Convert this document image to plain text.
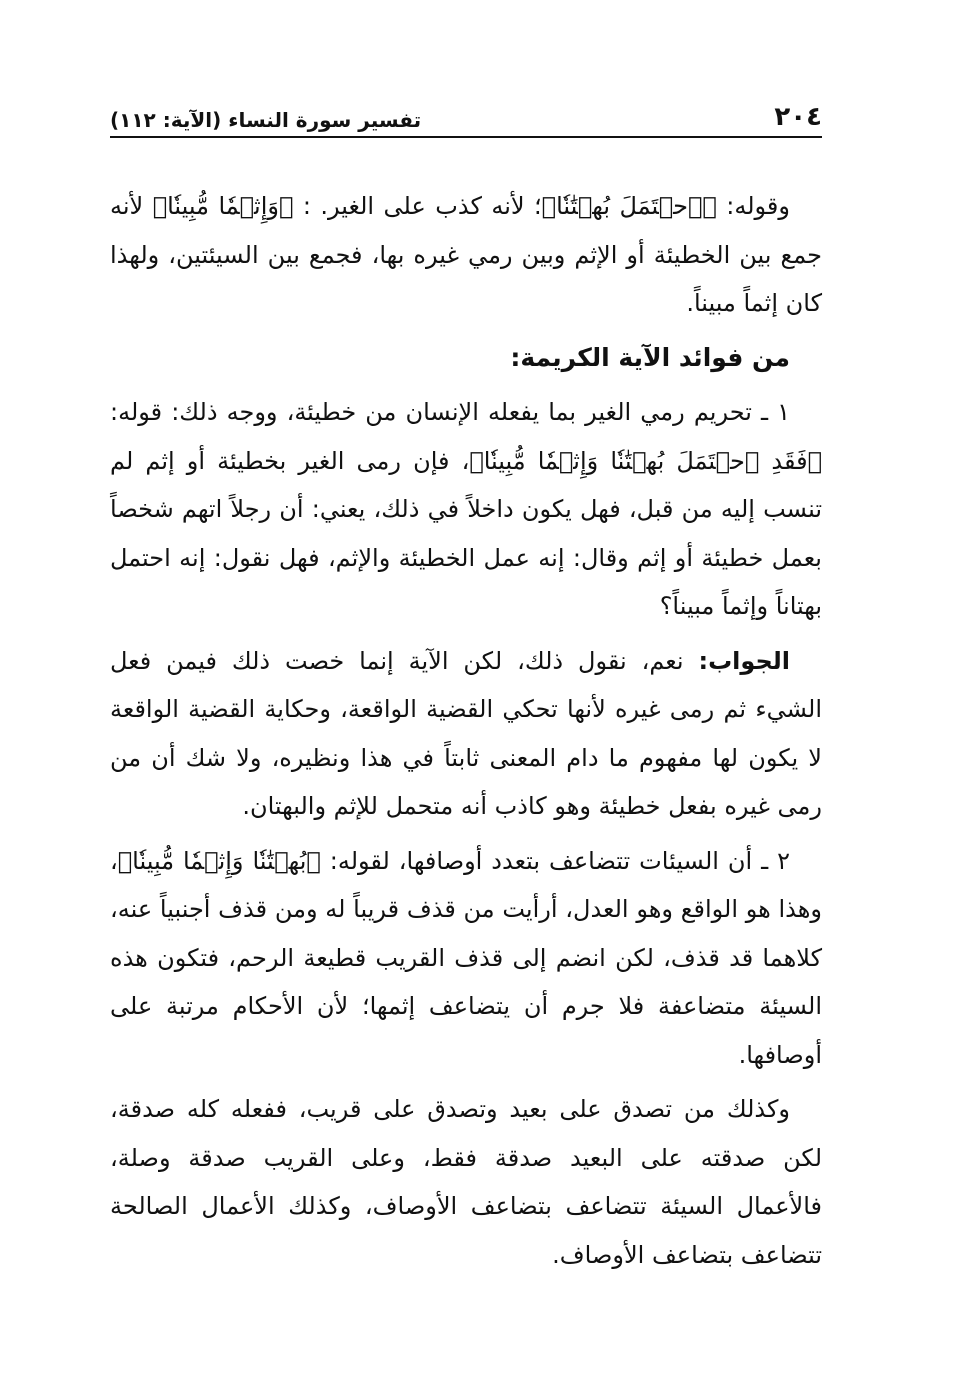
٢٠٤
تفسير سورة النساء (الآية: ١١٢)

وقوله: ﴿ٱحۡتَمَلَ بُهۡتَٰنٗا﴾؛ لأنه كذب على الغير. : ﴿وَإِثۡمٗا مُّبِينٗا﴾ لأنه جمع بين الخطيئة أو الإثم وبين رمي غيره بها، فجمع بين السيئتين، ولهذا كان إثماً مبيناً.

من فوائد الآية الكريمة:

١ ـ تحريم رمي الغير بما يفعله الإنسان من خطيئة، ووجه ذلك: قوله: ﴿فَقَدِ ٱحۡتَمَلَ بُهۡتَٰنٗا وَإِثۡمٗا مُّبِينٗا﴾، فإن رمى الغير بخطيئة أو إثم لم تنسب إليه من قبل، فهل يكون داخلاً في ذلك، يعني: أن رجلاً اتهم شخصاً بعمل خطيئة أو إثم وقال: إنه عمل الخطيئة والإثم، فهل نقول: إنه احتمل بهتاناً وإثماً مبيناً؟

الجواب: نعم، نقول ذلك، لكن الآية إنما خصت ذلك فيمن فعل الشيء ثم رمى غيره لأنها تحكي القضية الواقعة، وحكاية القضية الواقعة لا يكون لها مفهوم ما دام المعنى ثابتاً في هذا ونظيره، ولا شك أن من رمى غيره بفعل خطيئة وهو كاذب أنه متحمل للإثم والبهتان.

٢ ـ أن السيئات تتضاعف بتعدد أوصافها، لقوله: ﴿بُهۡتَٰنٗا وَإِثۡمٗا مُّبِينٗا﴾، وهذا هو الواقع وهو العدل، أرأيت من قذف قريباً له ومن قذف أجنبياً عنه، كلاهما قد قذف، لكن انضم إلى قذف القريب قطيعة الرحم، فتكون هذه السيئة متضاعفة فلا جرم أن يتضاعف إثمها؛ لأن الأحكام مرتبة على أوصافها.

وكذلك من تصدق على بعيد وتصدق على قريب، ففعله كله صدقة، لكن صدقته على البعيد صدقة فقط، وعلى القريب صدقة وصلة، فالأعمال السيئة تتضاعف بتضاعف الأوصاف، وكذلك الأعمال الصالحة تتضاعف بتضاعف الأوصاف.
